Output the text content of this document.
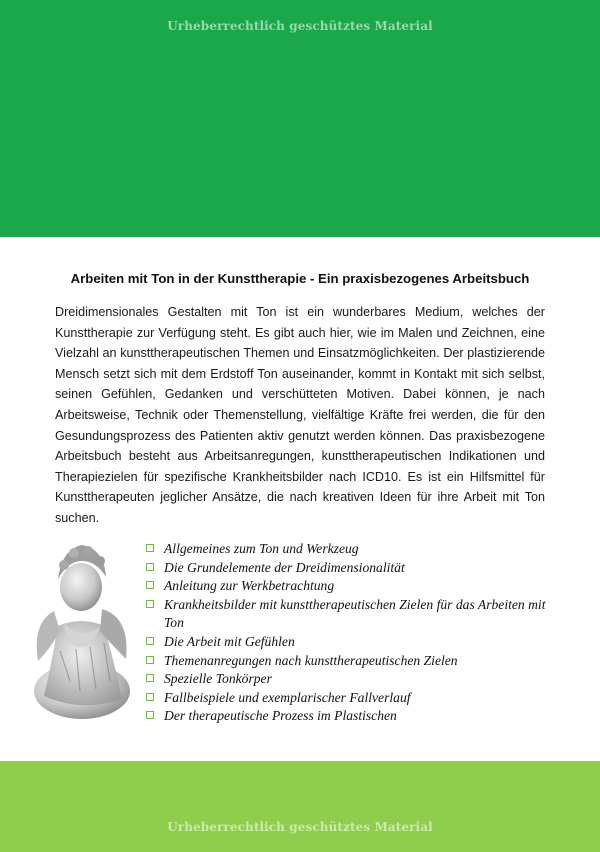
Urheberrechtlich geschütztes Material
Arbeiten mit Ton in der Kunsttherapie - Ein praxisbezogenes Arbeitsbuch

Dreidimensionales Gestalten mit Ton ist ein wunderbares Medium, welches der Kunsttherapie zur Verfügung steht. Es gibt auch hier, wie im Malen und Zeichnen, eine Vielzahl an kunsttherapeutischen Themen und Einsatzmöglichkeiten. Der plastizierende Mensch setzt sich mit dem Erdstoff Ton auseinander, kommt in Kontakt mit sich selbst, seinen Gefühlen, Gedanken und verschütteten Motiven. Dabei können, je nach Arbeitsweise, Technik oder Themenstellung, vielfältige Kräfte frei werden, die für den Gesundungsprozess des Patienten aktiv genutzt werden können. Das praxisbezogene Arbeitsbuch besteht aus Arbeitsanregungen, kunsttherapeutischen Indikationen und Therapiezielen für spezifische Krankheitsbilder nach ICD10. Es ist ein Hilfsmittel für Kunsttherapeuten jeglicher Ansätze, die nach kreativen Ideen für ihre Arbeit mit Ton suchen.

Allgemeines zum Ton und Werkzeug
Die Grundelemente der Dreidimensionalität
Anleitung zur Werkbetrachtung
Krankheitsbilder mit kunsttherapeutischen Zielen für das Arbeiten mit Ton
Die Arbeit mit Gefühlen
Themenanregungen nach kunsttherapeutischen Zielen
Spezielle Tonkörper
Fallbeispiele und exemplarischer Fallverlauf
Der therapeutische Prozess im Plastischen
Urheberrechtlich geschütztes Material
